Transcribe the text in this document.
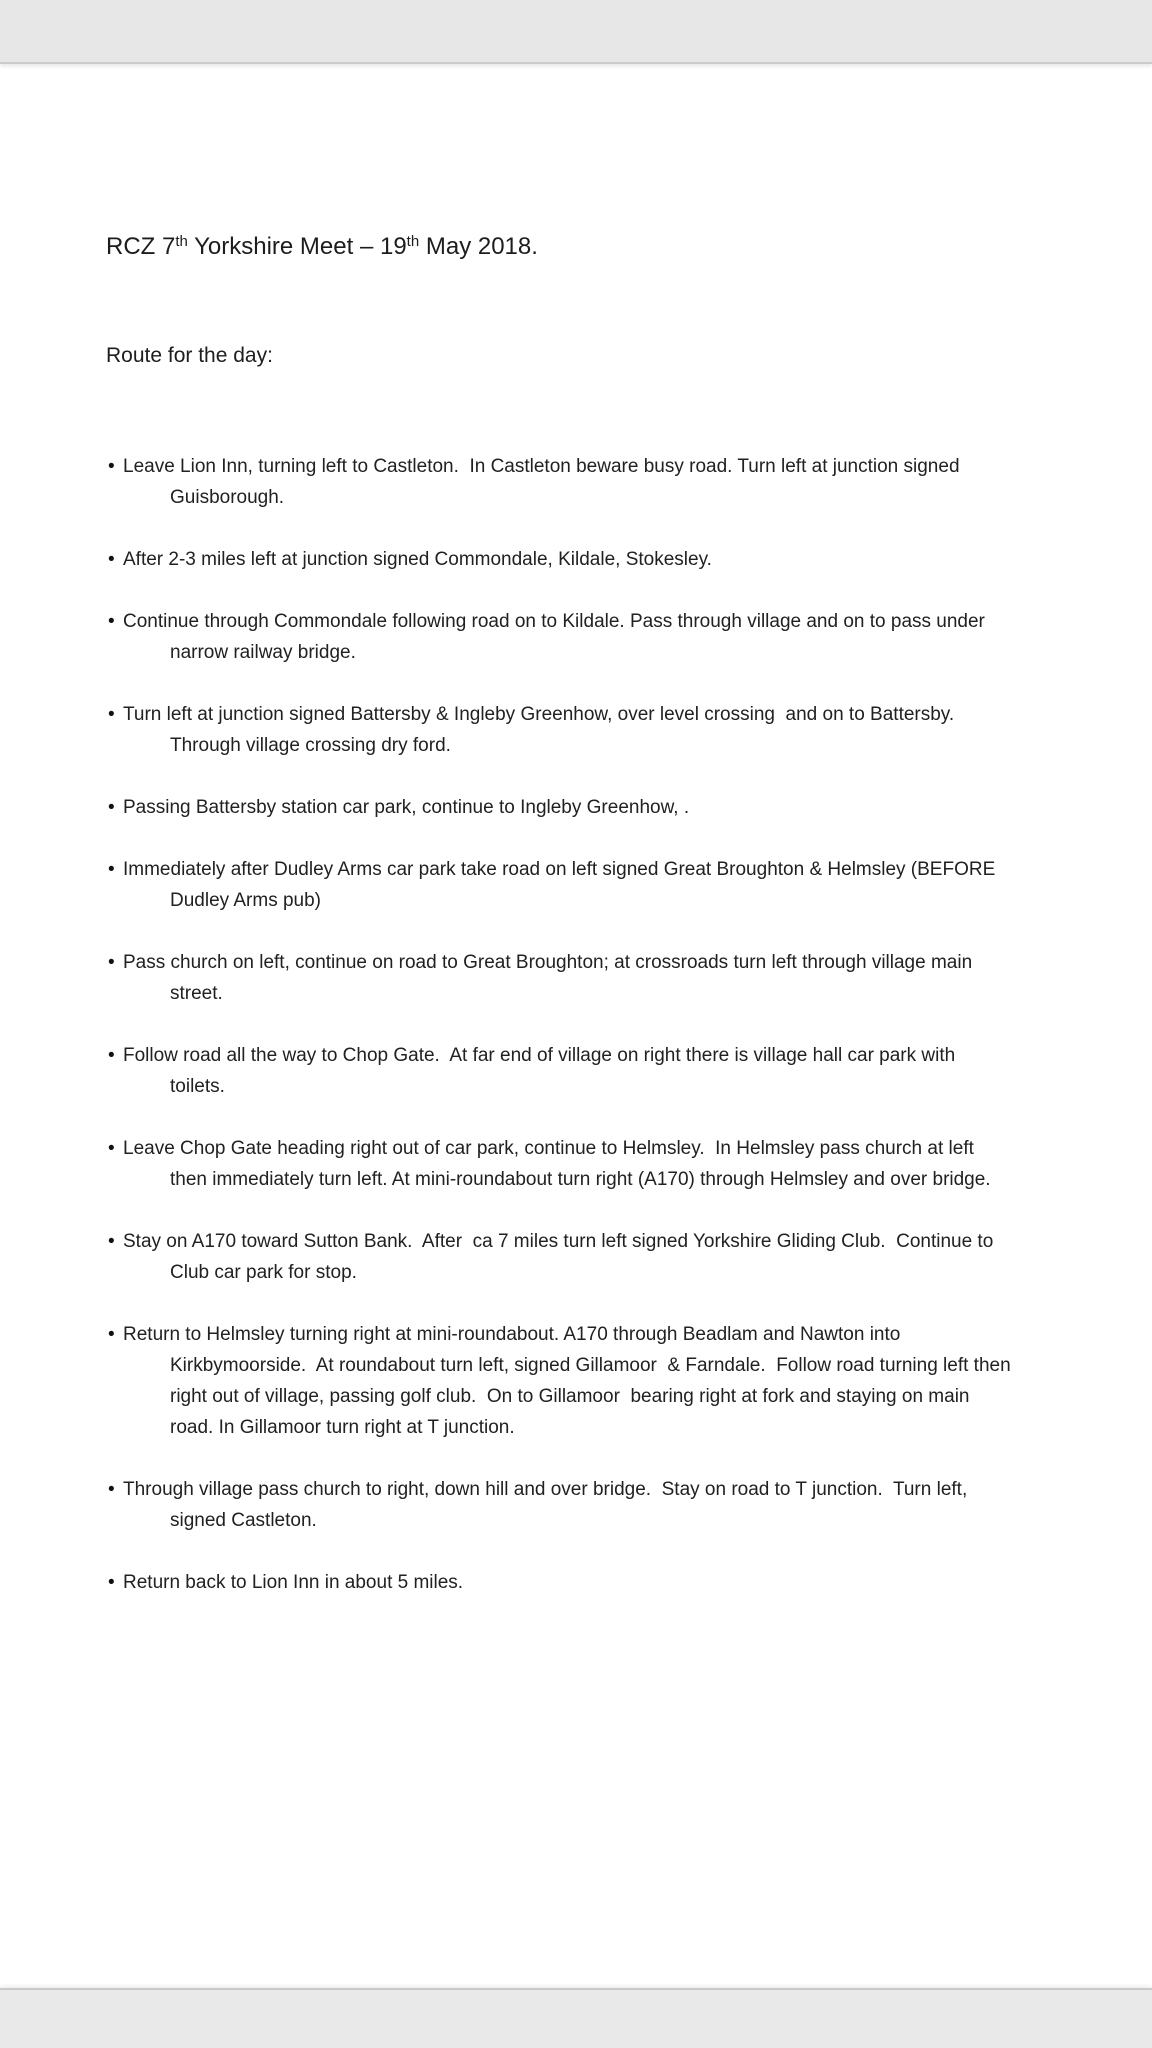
RCZ 7th Yorkshire Meet – 19th May 2018.
Route for the day:
• Leave Lion Inn, turning left to Castleton.  In Castleton beware busy road. Turn left at junction signed
Guisborough.
• After 2-3 miles left at junction signed Commondale, Kildale, Stokesley.
• Continue through Commondale following road on to Kildale. Pass through village and on to pass under
narrow railway bridge.
• Turn left at junction signed Battersby & Ingleby Greenhow, over level crossing  and on to Battersby.
Through village crossing dry ford.
• Passing Battersby station car park, continue to Ingleby Greenhow, .
• Immediately after Dudley Arms car park take road on left signed Great Broughton & Helmsley (BEFORE
Dudley Arms pub)
• Pass church on left, continue on road to Great Broughton; at crossroads turn left through village main
street.
• Follow road all the way to Chop Gate.  At far end of village on right there is village hall car park with
toilets.
• Leave Chop Gate heading right out of car park, continue to Helmsley.  In Helmsley pass church at left
then immediately turn left. At mini-roundabout turn right (A170) through Helmsley and over bridge.
• Stay on A170 toward Sutton Bank.  After  ca 7 miles turn left signed Yorkshire Gliding Club.  Continue to
Club car park for stop.
• Return to Helmsley turning right at mini-roundabout. A170 through Beadlam and Nawton into
Kirkbymoorside.  At roundabout turn left, signed Gillamoor  & Farndale.  Follow road turning left then
right out of village, passing golf club.  On to Gillamoor  bearing right at fork and staying on main
road. In Gillamoor turn right at T junction.
• Through village pass church to right, down hill and over bridge.  Stay on road to T junction.  Turn left,
signed Castleton.
• Return back to Lion Inn in about 5 miles.
